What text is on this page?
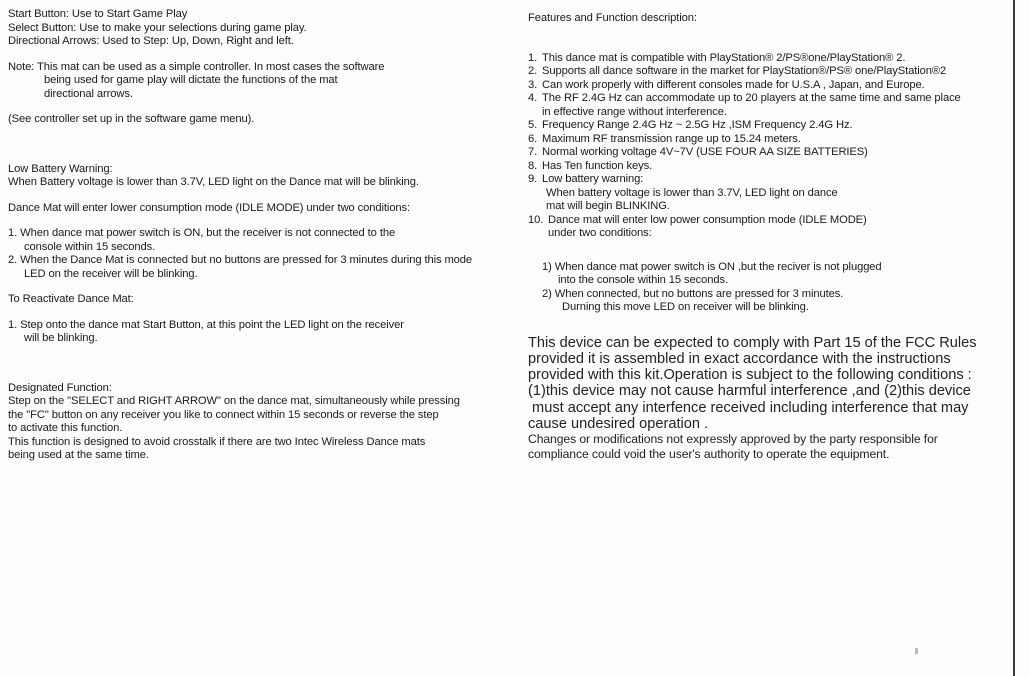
Start Button: Use to Start Game Play
Select Button: Use to make your selections during game play.
Directional Arrows: Used to Step: Up, Down, Right and left.
Note: This mat can be used as a simple controller. In most cases the software
being used for game play will dictate the functions of the mat
directional arrows.
(See controller set up in the software game menu).
Low Battery Warning:
When Battery voltage is lower than 3.7V, LED light on the Dance mat will be blinking.
Dance Mat will enter lower consumption mode (IDLE MODE) under two conditions:
1. When dance mat power switch is ON, but the receiver is not connected to the
console within 15 seconds.
2. When the Dance Mat is connected but no buttons are pressed for 3 minutes during this mode
LED on the receiver will be blinking.
To Reactivate Dance Mat:
1. Step onto the dance mat Start Button, at this point the LED light on the receiver
will be blinking.
Designated Function:
Step on the "SELECT and RIGHT ARROW" on the dance mat, simultaneously while pressing
the "FC" button on any receiver you like to connect within 15 seconds or reverse the step
to activate this function.
This function is designed to avoid crosstalk if there are two Intec Wireless Dance mats
being used at the same time.
Features and Function description:
1. This dance mat is compatible with PlayStation® 2/PS®one/PlayStation® 2.
2. Supports all dance software in the market for PlayStation®/PS® one/PlayStation®2
3. Can work properly with different consoles made for U.S.A , Japan, and Europe.
4. The RF 2.4G Hz can accommodate up to 20 players at the same time and same place
in effective range without interference.
5. Frequency Range 2.4G Hz ~ 2.5G Hz ,ISM Frequency 2.4G Hz.
6. Maximum RF transmission range up to 15.24 meters.
7. Normal working voltage 4V~7V (USE FOUR AA SIZE BATTERIES)
8. Has Ten function keys.
9. Low battery warning:
When battery voltage is lower than 3.7V, LED light on dance
mat will begin BLINKING.
10. Dance mat will enter low power consumption mode (IDLE MODE)
under two conditions:
1) When dance mat power switch is ON ,but the reciver is not plugged
into the console within 15 seconds.
2) When connected, but no buttons are pressed for 3 minutes.
Durning this move LED on receiver will be blinking.
This device can be expected to comply with Part 15 of the FCC Rules
provided it is assembled in exact accordance with the instructions
provided with this kit.Operation is subject to the following conditions :
(1)this device may not cause harmful interference ,and (2)this device
must accept any interfence received including interference that may
cause undesired operation .
Changes or modifications not expressly approved by the party responsible for
compliance could void the user's authority to operate the equipment.
